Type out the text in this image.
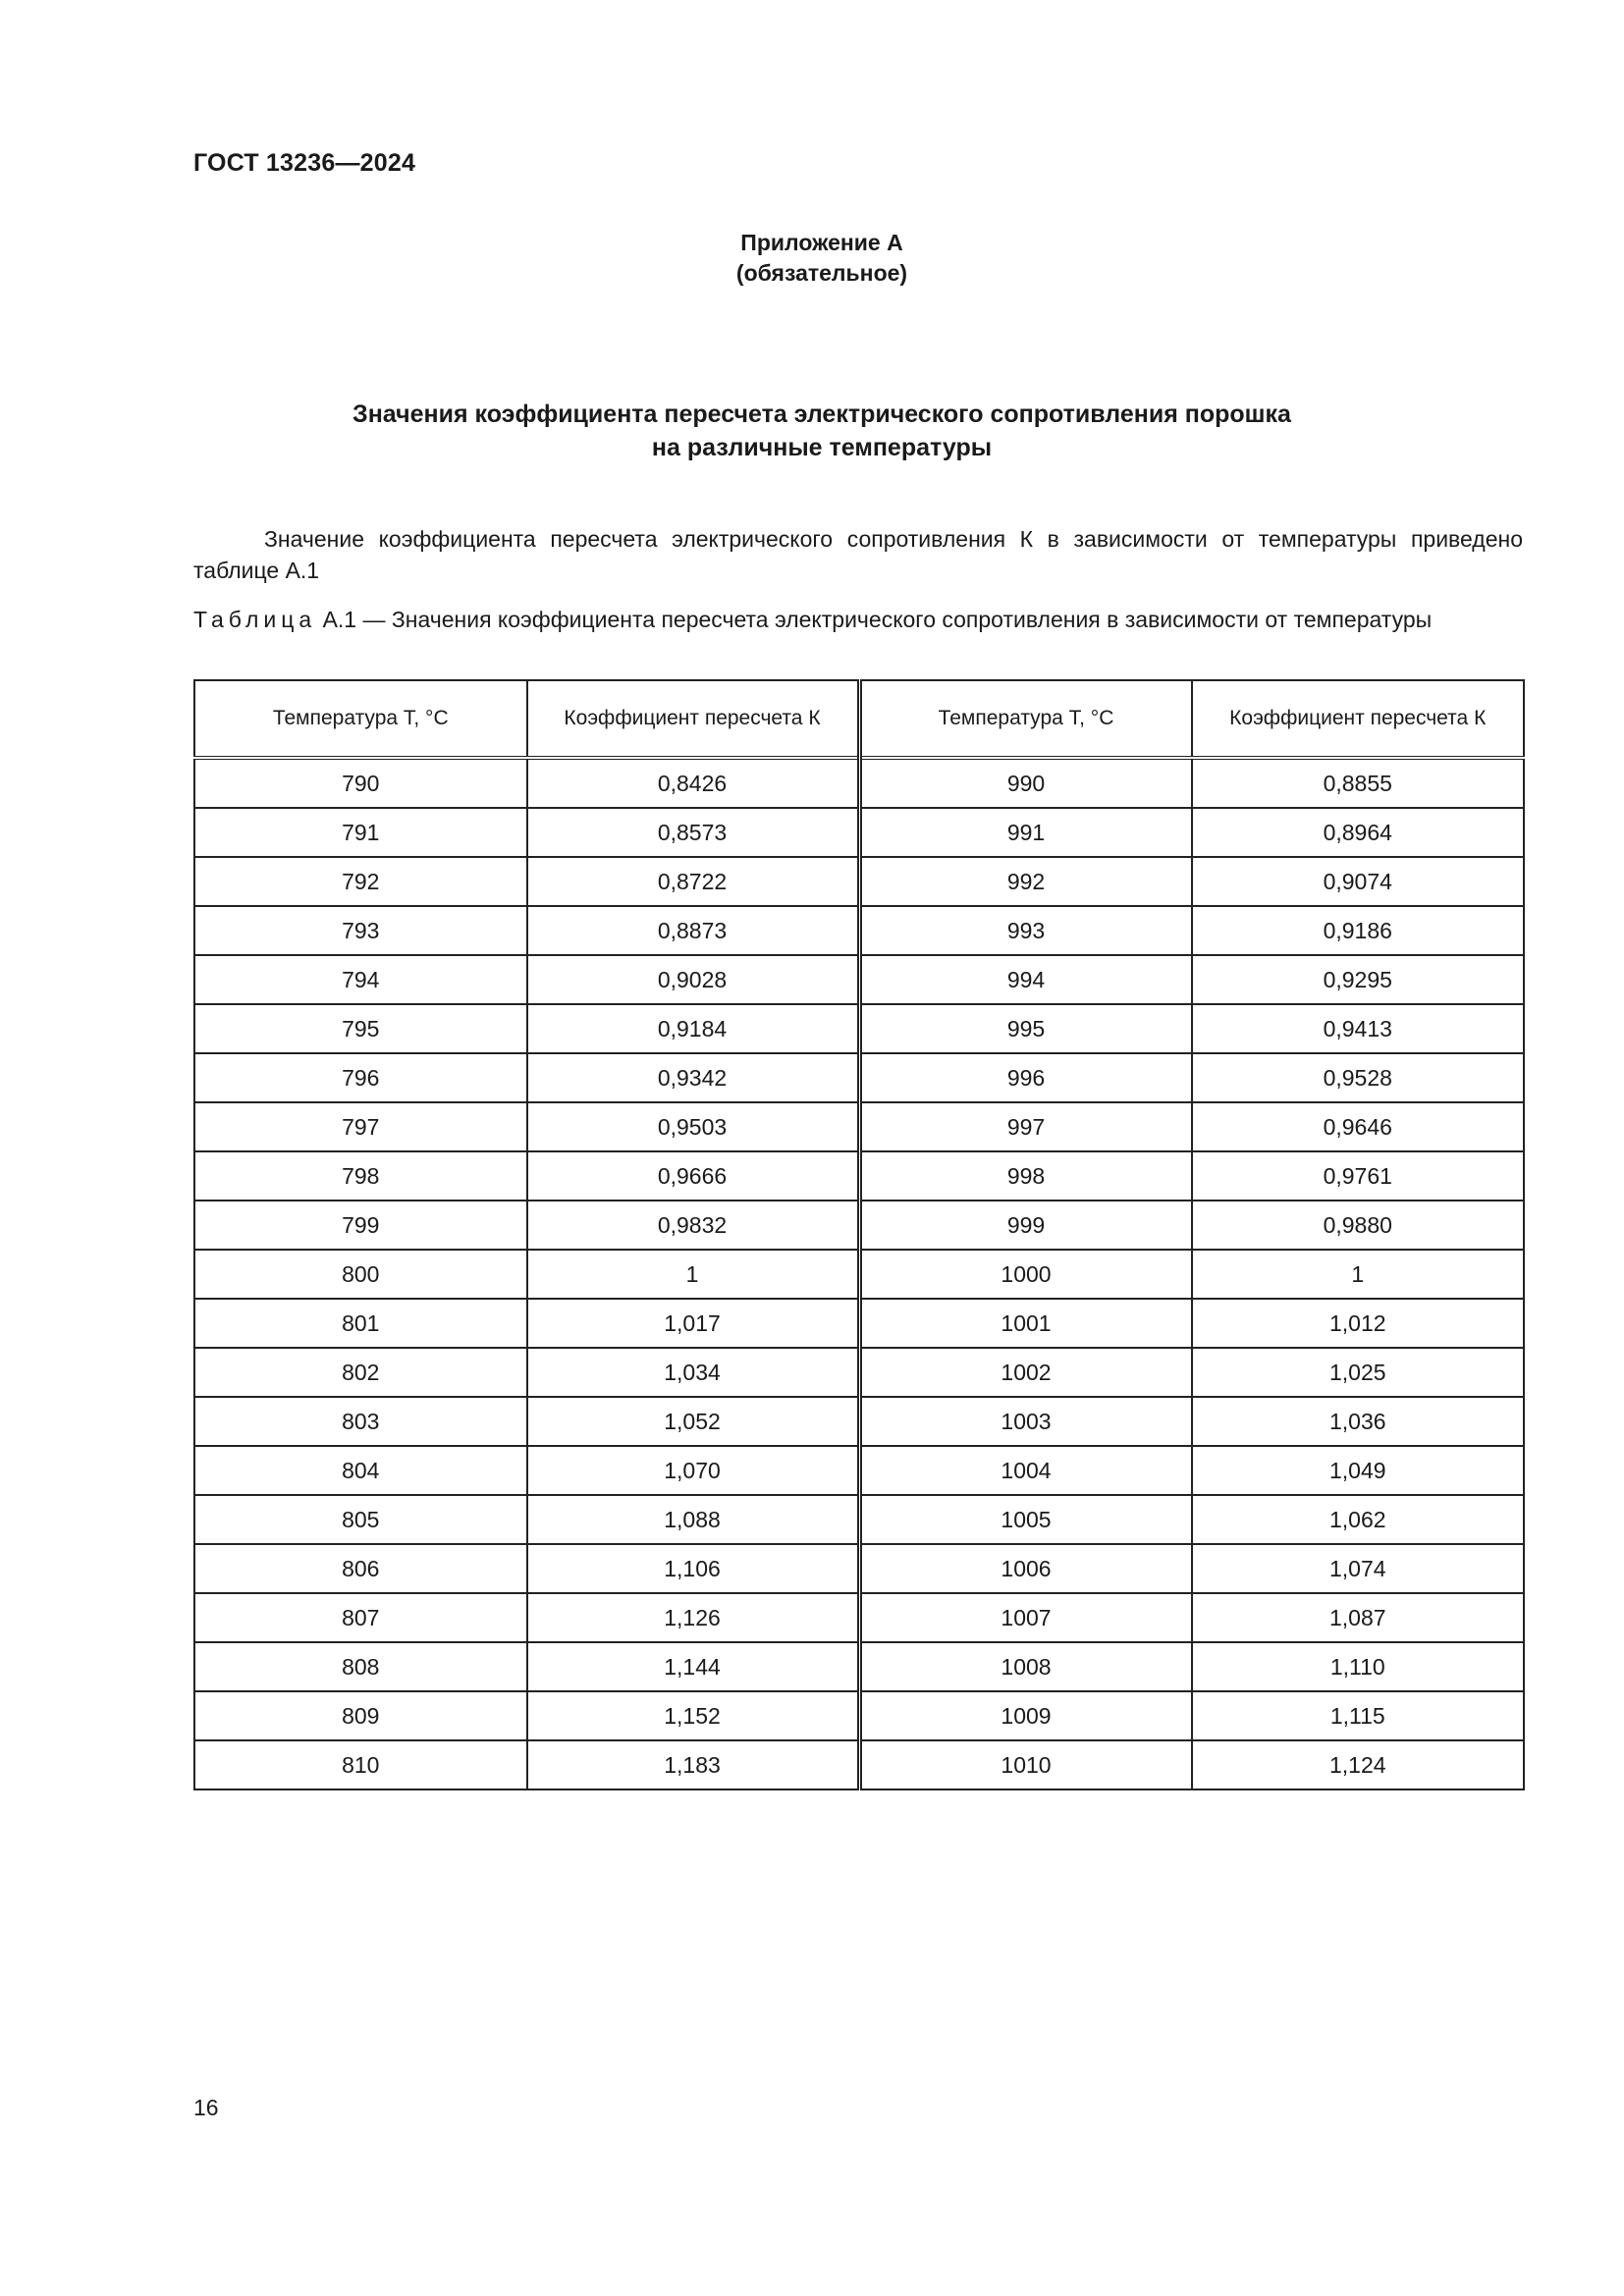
ГОСТ 13236—2024
Приложение А
(обязательное)
Значения коэффициента пересчета электрического сопротивления порошка
на различные температуры
Значение коэффициента пересчета электрического сопротивления К в зависимости от температуры приведено таблице А.1
Таблица А.1 — Значения коэффициента пересчета электрического сопротивления в зависимости от температуры
Температура Т, °С	Коэффициент пересчета К	Температура Т, °С	Коэффициент пересчета К
790	0,8426	990	0,8855
791	0,8573	991	0,8964
792	0,8722	992	0,9074
793	0,8873	993	0,9186
794	0,9028	994	0,9295
795	0,9184	995	0,9413
796	0,9342	996	0,9528
797	0,9503	997	0,9646
798	0,9666	998	0,9761
799	0,9832	999	0,9880
800	1	1000	1
801	1,017	1001	1,012
802	1,034	1002	1,025
803	1,052	1003	1,036
804	1,070	1004	1,049
805	1,088	1005	1,062
806	1,106	1006	1,074
807	1,126	1007	1,087
808	1,144	1008	1,110
809	1,152	1009	1,115
810	1,183	1010	1,124
16
